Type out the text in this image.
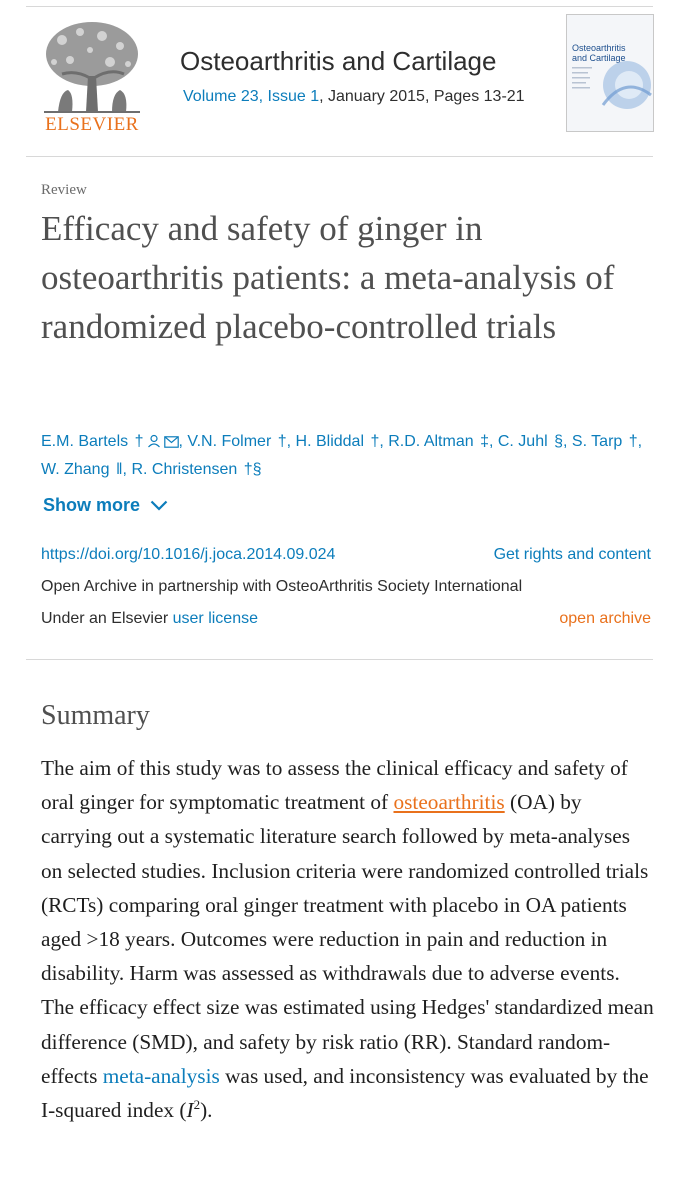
ELSEVIER
Osteoarthritis and Cartilage
Volume 23, Issue 1, January 2015, Pages 13-21
Osteoarthritis
and Cartilage
Review
Efficacy and safety of ginger in osteoarthritis patients: a meta-analysis of randomized placebo-controlled trials
E.M. Bartels † , V.N. Folmer †, H. Bliddal †, R.D. Altman ‡, C. Juhl §, S. Tarp †, W. Zhang ‖, R. Christensen †§
Show more
https://doi.org/10.1016/j.joca.2014.09.024	Get rights and content
Open Archive in partnership with OsteoArthritis Society International
Under an Elsevier user license	open archive
Summary

The aim of this study was to assess the clinical efficacy and safety of oral ginger for symptomatic treatment of osteoarthritis (OA) by carrying out a systematic literature search followed by meta-analyses on selected studies. Inclusion criteria were randomized controlled trials (RCTs) comparing oral ginger treatment with placebo in OA patients aged >18 years. Outcomes were reduction in pain and reduction in disability. Harm was assessed as withdrawals due to adverse events. The efficacy effect size was estimated using Hedges' standardized mean difference (SMD), and safety by risk ratio (RR). Standard random-effects meta-analysis was used, and inconsistency was evaluated by the I-squared index $(I^2)$.
